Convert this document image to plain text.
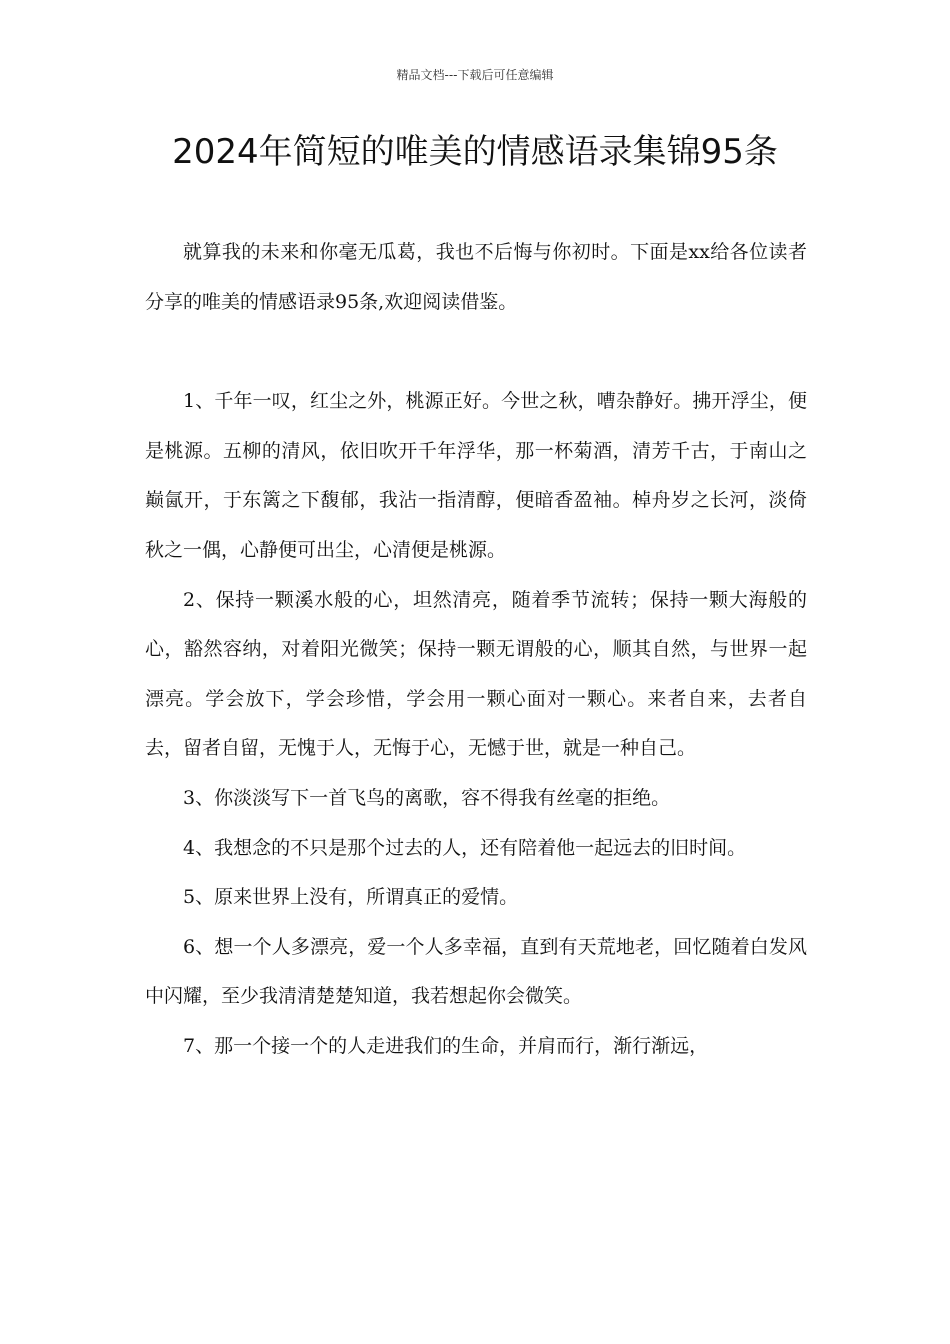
精品文档---下载后可任意编辑
2024年简短的唯美的情感语录集锦95条

就算我的未来和你毫无瓜葛，我也不后悔与你初时。下面是xx给各位读者分享的唯美的情感语录95条,欢迎阅读借鉴。

1、千年一叹，红尘之外，桃源正好。今世之秋，嘈杂静好。拂开浮尘，便是桃源。五柳的清风，依旧吹开千年浮华，那一杯菊酒，清芳千古，于南山之巅氤开，于东篱之下馥郁，我沾一指清醇，便暗香盈袖。棹舟岁之长河，淡倚秋之一偶，心静便可出尘，心清便是桃源。

2、保持一颗溪水般的心，坦然清亮，随着季节流转；保持一颗大海般的心，豁然容纳，对着阳光微笑；保持一颗无谓般的心，顺其自然，与世界一起漂亮。学会放下，学会珍惜，学会用一颗心面对一颗心。来者自来，去者自去，留者自留，无愧于人，无悔于心，无憾于世，就是一种自己。

3、你淡淡写下一首飞鸟的离歌，容不得我有丝毫的拒绝。

4、我想念的不只是那个过去的人，还有陪着他一起远去的旧时间。

5、原来世界上没有，所谓真正的爱情。

6、想一个人多漂亮，爱一个人多幸福，直到有天荒地老，回忆随着白发风中闪耀，至少我清清楚楚知道，我若想起你会微笑。

7、那一个接一个的人走进我们的生命，并肩而行，渐行渐远，
